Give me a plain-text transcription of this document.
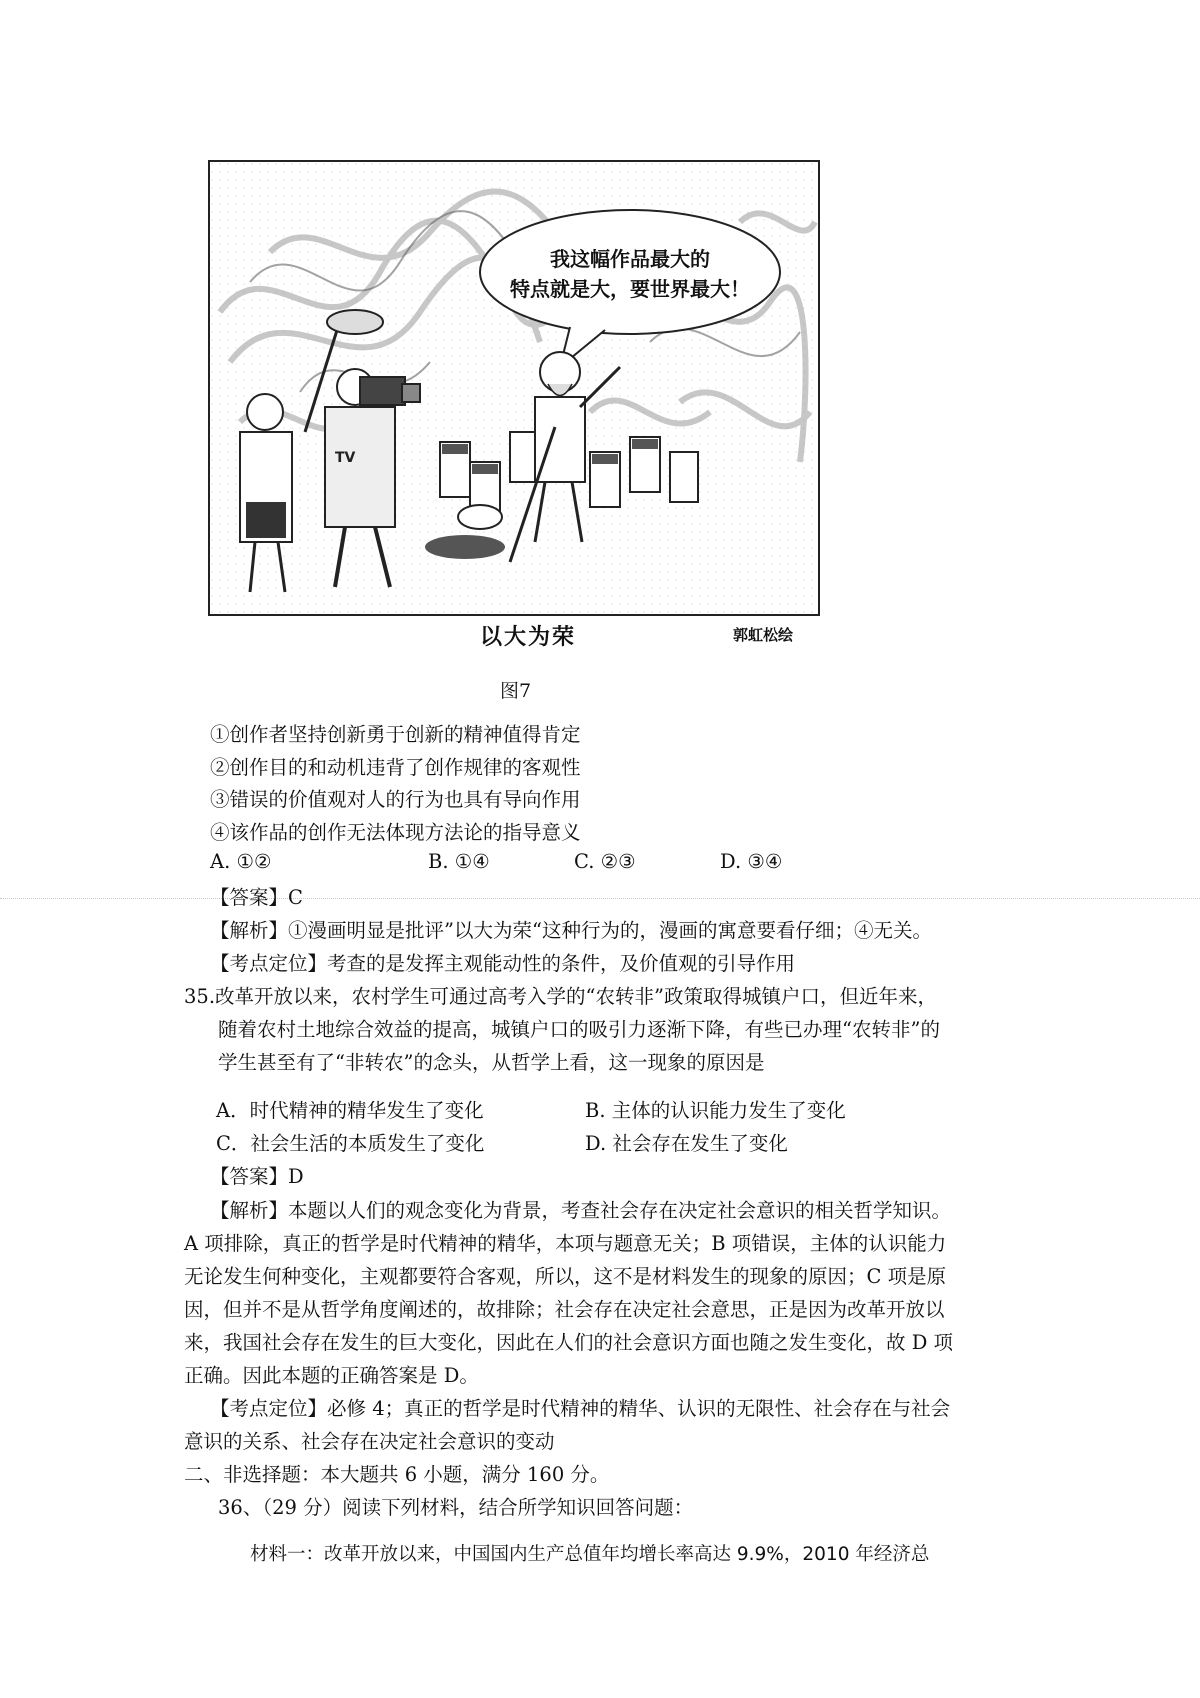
TV
我这幅作品最大的
特点就是大，要世界最大！
以大为荣	郭虹松绘
图7
①创作者坚持创新勇于创新的精神值得肯定
②创作目的和动机违背了创作规律的客观性
③错误的价值观对人的行为也具有导向作用
④该作品的创作无法体现方法论的指导意义
A. ①②	B. ①④	C. ②③	D. ③④
【答案】C
【解析】①漫画明显是批评”以大为荣“这种行为的，漫画的寓意要看仔细；④无关。
【考点定位】考查的是发挥主观能动性的条件，及价值观的引导作用
35.改革开放以来，农村学生可通过高考入学的“农转非”政策取得城镇户口，但近年来，
随着农村土地综合效益的提高，城镇户口的吸引力逐渐下降，有些已办理“农转非”的
学生甚至有了“非转农”的念头，从哲学上看，这一现象的原因是
A．时代精神的精华发生了变化	B. 主体的认识能力发生了变化
C．社会生活的本质发生了变化	D. 社会存在发生了变化
【答案】D
【解析】本题以人们的观念变化为背景，考查社会存在决定社会意识的相关哲学知识。
A 项排除，真正的哲学是时代精神的精华，本项与题意无关；B 项错误，主体的认识能力
无论发生何种变化，主观都要符合客观，所以，这不是材料发生的现象的原因；C 项是原
因，但并不是从哲学角度阐述的，故排除；社会存在决定社会意思，正是因为改革开放以
来，我国社会存在发生的巨大变化，因此在人们的社会意识方面也随之发生变化，故 D 项
正确。因此本题的正确答案是 D。
【考点定位】必修 4；真正的哲学是时代精神的精华、认识的无限性、社会存在与社会
意识的关系、社会存在决定社会意识的变动
二、非选择题：本大题共 6 小题，满分 160 分。
36、（29 分）阅读下列材料，结合所学知识回答问题：
材料一：改革开放以来，中国国内生产总值年均增长率高达 9.9%，2010 年经济总
